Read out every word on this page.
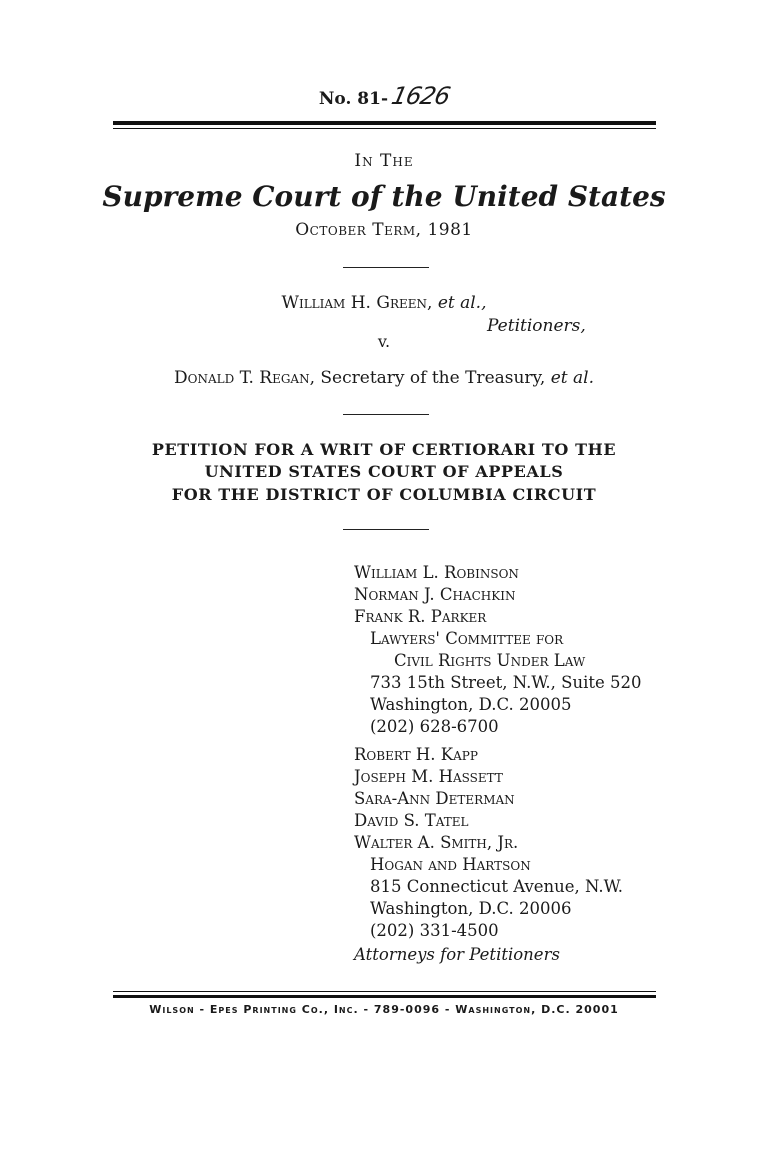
No. 81-1626
In The
Supreme Court of the United States
October Term, 1981
William H. Green, et al.,
Petitioners,
v.
Donald T. Regan, Secretary of the Treasury, et al.
PETITION FOR A WRIT OF CERTIORARI TO THE
UNITED STATES COURT OF APPEALS
FOR THE DISTRICT OF COLUMBIA CIRCUIT
William L. Robinson
Norman J. Chachkin
Frank R. Parker
Lawyers' Committee for
Civil Rights Under Law
733 15th Street, N.W., Suite 520
Washington, D.C. 20005
(202) 628-6700
Robert H. Kapp
Joseph M. Hassett
Sara-Ann Determan
David S. Tatel
Walter A. Smith, Jr.
Hogan and Hartson
815 Connecticut Avenue, N.W.
Washington, D.C. 20006
(202) 331-4500
Attorneys for Petitioners
Wilson - Epes Printing Co., Inc. - 789-0096 - Washington, D.C. 20001
